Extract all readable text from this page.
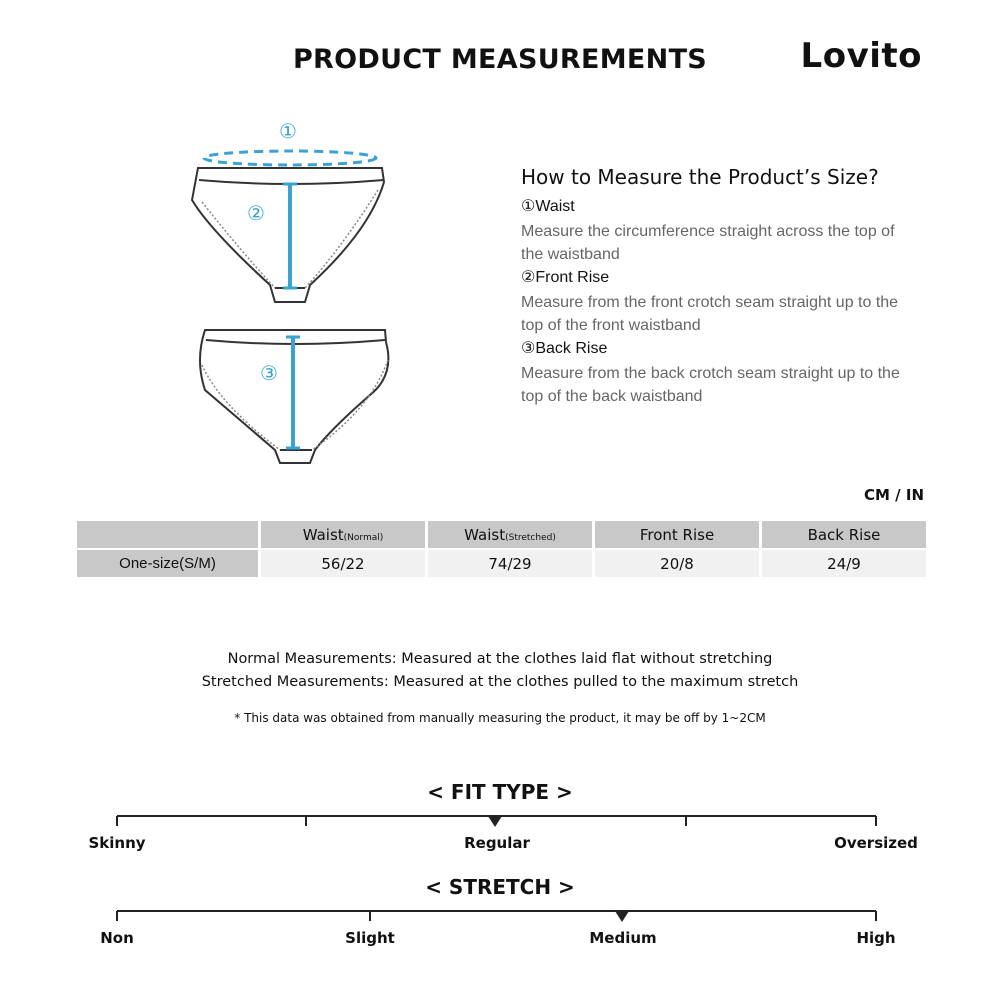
PRODUCT MEASUREMENTS	Lovito
①
②
③
How to Measure the Product’s Size?

①Waist

Measure the circumference straight across the top of the waistband

②Front Rise

Measure from the front crotch seam straight up to the top of the front waistband

③Back Rise

Measure from the back crotch seam straight up to the top of the back waistband

CM / IN
	Waist(Normal)	Waist(Stretched)	Front Rise	Back Rise
One-size(S/M)	56/22	74/29	20/8	24/9
Normal Measurements: Measured at the clothes laid flat without stretching
Stretched Measurements: Measured at the clothes pulled to the maximum stretch
* This data was obtained from manually measuring the product, it may be off by 1~2CM
< FIT TYPE >
Skinny	Regular	Oversized
< STRETCH >
Non	Slight	Medium	High
